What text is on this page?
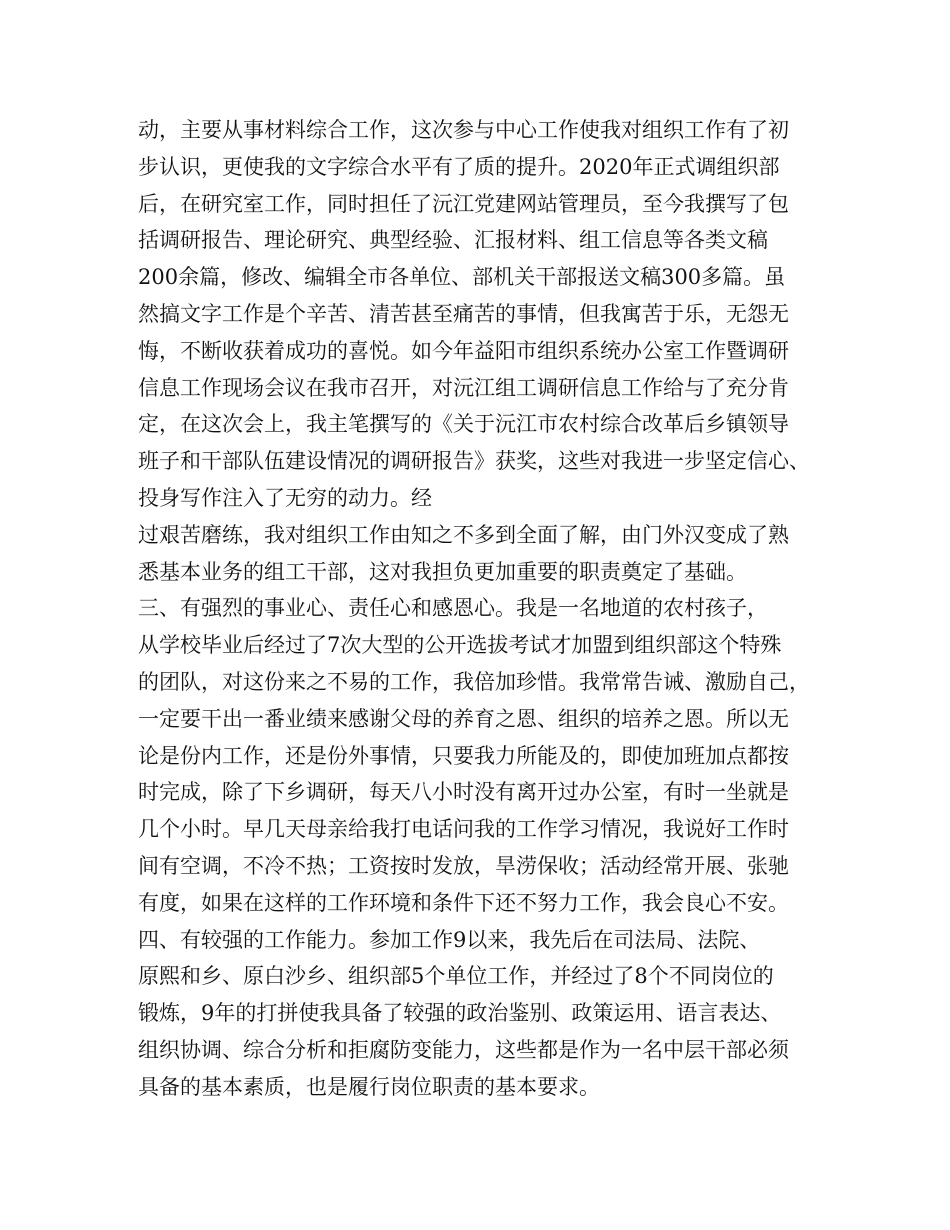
动，主要从事材料综合工作，这次参与中心工作使我对组织工作有了初
步认识，更使我的文字综合水平有了质的提升。2020年正式调组织部
后，在研究室工作，同时担任了沅江党建网站管理员，至今我撰写了包
括调研报告、理论研究、典型经验、汇报材料、组工信息等各类文稿
200余篇，修改、编辑全市各单位、部机关干部报送文稿300多篇。虽
然搞文字工作是个辛苦、清苦甚至痛苦的事情，但我寓苦于乐，无怨无
悔，不断收获着成功的喜悦。如今年益阳市组织系统办公室工作暨调研
信息工作现场会议在我市召开，对沅江组工调研信息工作给与了充分肯
定，在这次会上，我主笔撰写的《关于沅江市农村综合改革后乡镇领导
班子和干部队伍建设情况的调研报告》获奖，这些对我进一步坚定信心、
投身写作注入了无穷的动力。经
过艰苦磨练，我对组织工作由知之不多到全面了解，由门外汉变成了熟
悉基本业务的组工干部，这对我担负更加重要的职责奠定了基础。
三、有强烈的事业心、责任心和感恩心。我是一名地道的农村孩子，
从学校毕业后经过了7次大型的公开选拔考试才加盟到组织部这个特殊
的团队，对这份来之不易的工作，我倍加珍惜。我常常告诫、激励自己，
一定要干出一番业绩来感谢父母的养育之恩、组织的培养之恩。所以无
论是份内工作，还是份外事情，只要我力所能及的，即使加班加点都按
时完成，除了下乡调研，每天八小时没有离开过办公室，有时一坐就是
几个小时。早几天母亲给我打电话问我的工作学习情况，我说好工作时
间有空调，不冷不热；工资按时发放，旱涝保收；活动经常开展、张驰
有度，如果在这样的工作环境和条件下还不努力工作，我会良心不安。
四、有较强的工作能力。参加工作9以来，我先后在司法局、法院、
原熙和乡、原白沙乡、组织部5个单位工作，并经过了8个不同岗位的
锻炼，9年的打拼使我具备了较强的政治鉴别、政策运用、语言表达、
组织协调、综合分析和拒腐防变能力，这些都是作为一名中层干部必须
具备的基本素质，也是履行岗位职责的基本要求。
